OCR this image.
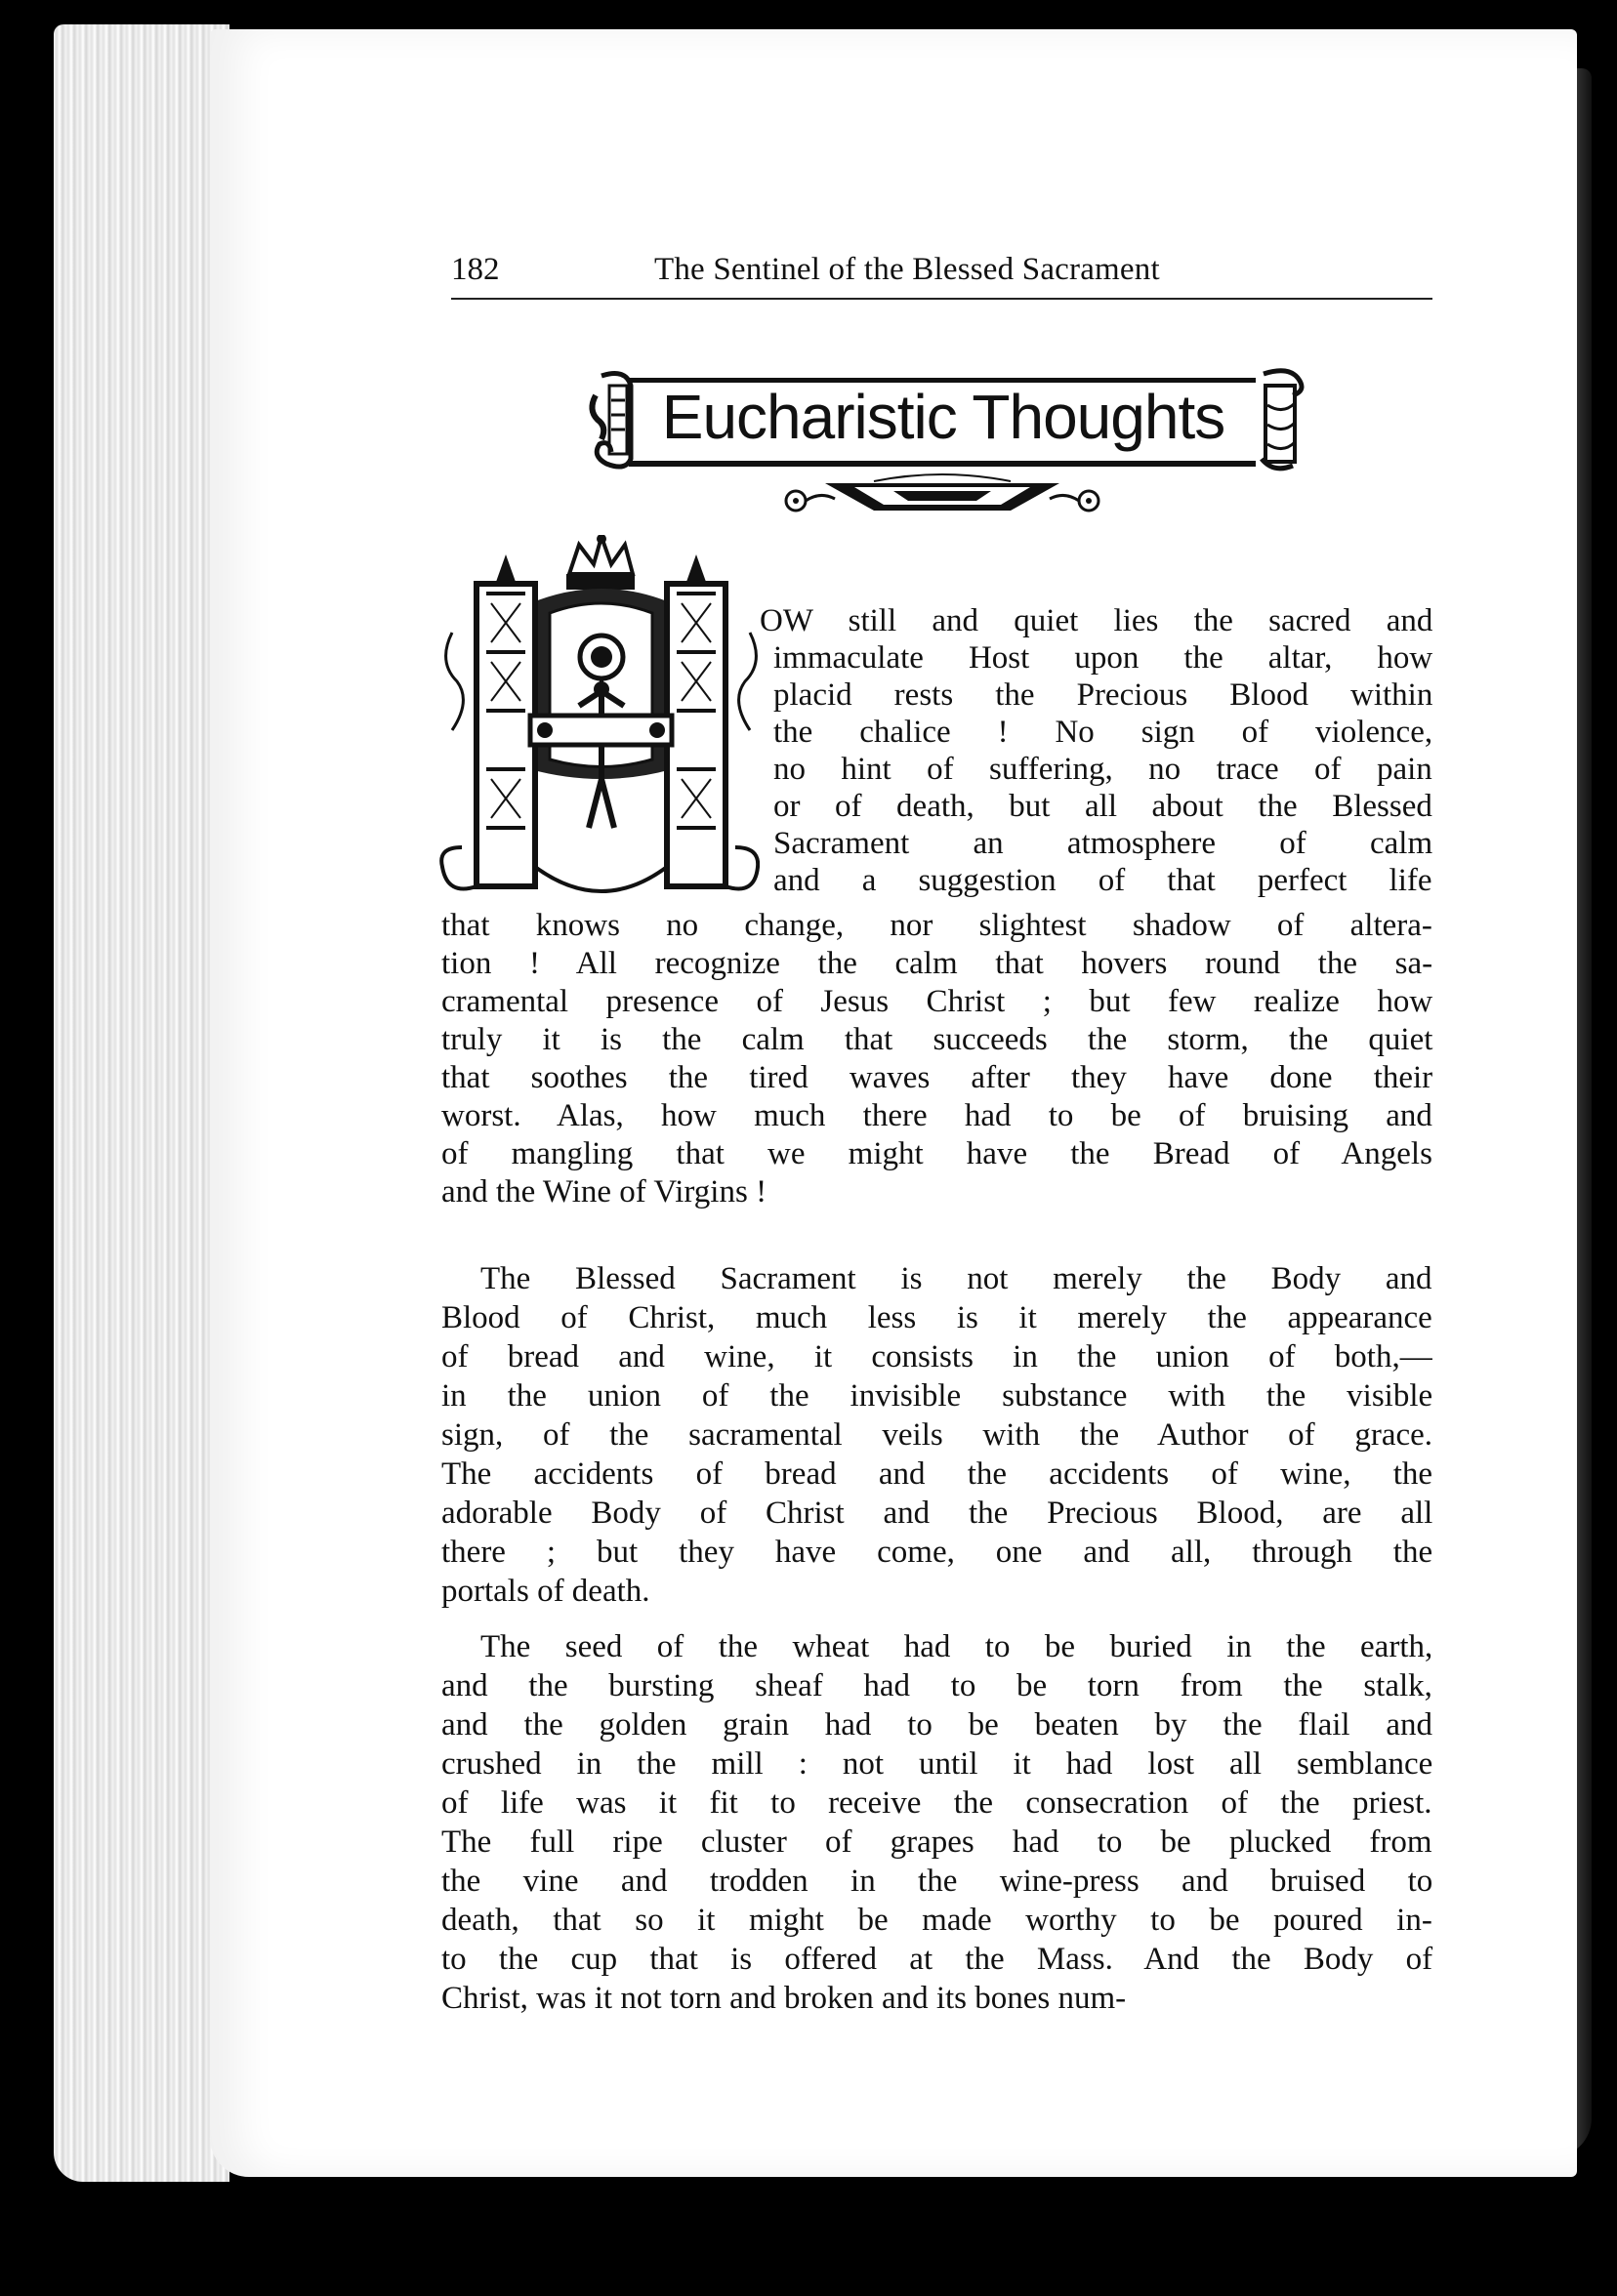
182	The Sentinel of the Blessed Sacrament
Eucharistic Thoughts
OW still and quiet lies the sacred and
immaculate Host upon the altar, how
placid rests the Precious Blood within
the chalice ! No sign of violence,
no hint of suffering, no trace of pain
or of death, but all about the Blessed
Sacrament an atmosphere of calm
and a suggestion of that perfect life
that knows no change, nor slightest shadow of altera-
tion ! All recognize the calm that hovers round the sa-
cramental presence of Jesus Christ ; but few realize how
truly it is the calm that succeeds the storm, the quiet
that soothes the tired waves after they have done their
worst. Alas, how much there had to be of bruising and
of mangling that we might have the Bread of Angels
and the Wine of Virgins !
The Blessed Sacrament is not merely the Body and
Blood of Christ, much less is it merely the appearance
of bread and wine, it consists in the union of both,—
in the union of the invisible substance with the visible
sign, of the sacramental veils with the Author of grace.
The accidents of bread and the accidents of wine, the
adorable Body of Christ and the Precious Blood, are all
there ; but they have come, one and all, through the
portals of death.
The seed of the wheat had to be buried in the earth,
and the bursting sheaf had to be torn from the stalk,
and the golden grain had to be beaten by the flail and
crushed in the mill : not until it had lost all semblance
of life was it fit to receive the consecration of the priest.
The full ripe cluster of grapes had to be plucked from
the vine and trodden in the wine-press and bruised to
death, that so it might be made worthy to be poured in-
to the cup that is offered at the Mass. And the Body of
Christ, was it not torn and broken and its bones num-
